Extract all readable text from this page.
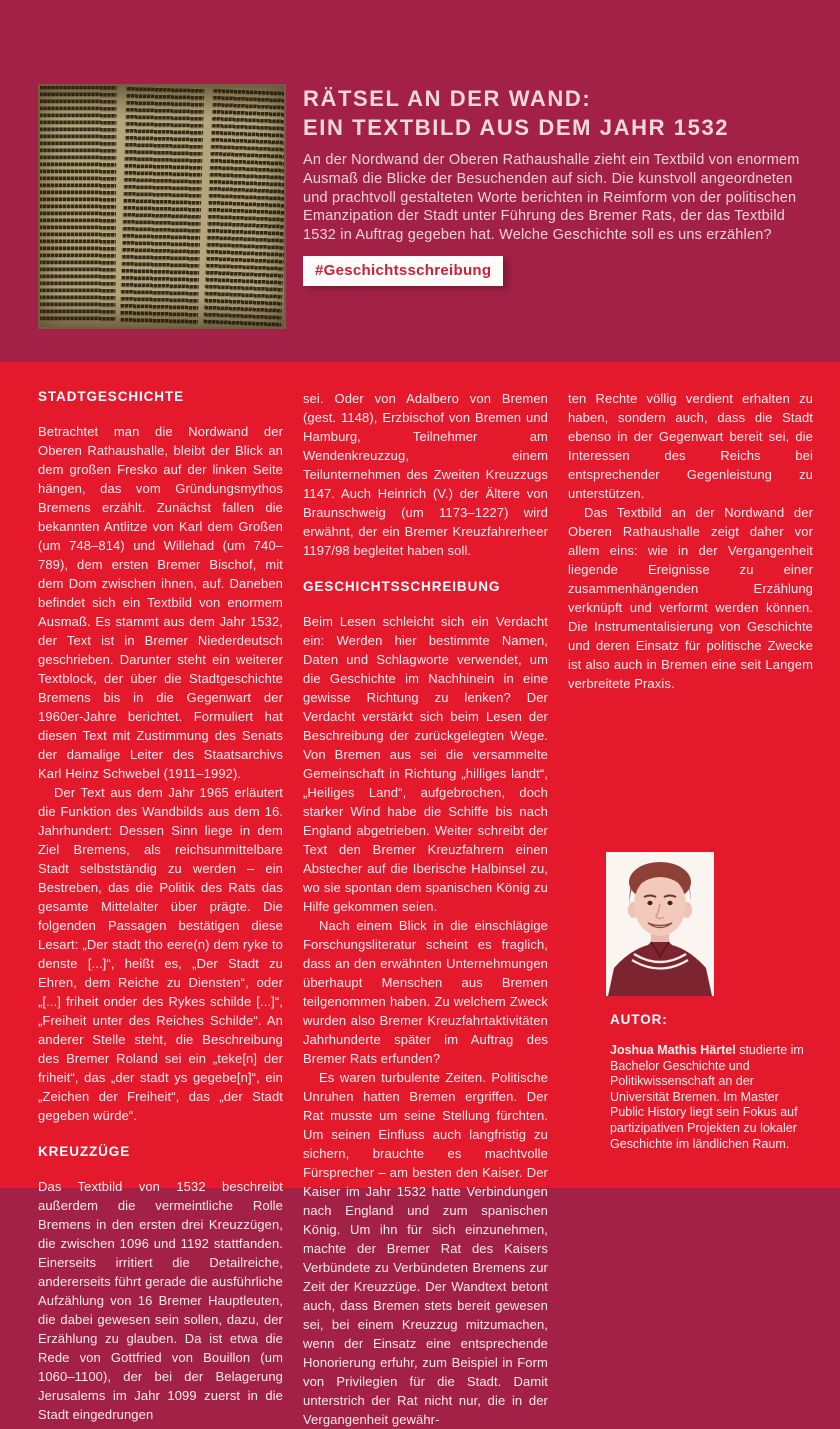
RÄTSEL AN DER WAND:
EIN TEXTBILD AUS DEM JAHR 1532

An der Nordwand der Oberen Rathaushalle zieht ein Textbild von enormem Ausmaß die Blicke der Besuchenden auf sich. Die kunstvoll angeordneten und prachtvoll gestalteten Worte berichten in Reimform von der politischen Emanzipation der Stadt unter Führung des Bremer Rats, der das Textbild 1532 in Auftrag gegeben hat. Welche Geschichte soll es uns erzählen?

#Geschichtsschreibung
STADTGESCHICHTE

Betrachtet man die Nordwand der Oberen Rathaushalle, bleibt der Blick an dem großen Fresko auf der linken Seite hängen, das vom Gründungsmythos Bremens erzählt. Zunächst fallen die bekannten Antlitze von Karl dem Großen (um 748–814) und Willehad (um 740–789), dem ersten Bremer Bischof, mit dem Dom zwischen ihnen, auf. Daneben befindet sich ein Textbild von enormem Ausmaß. Es stammt aus dem Jahr 1532, der Text ist in Bremer Niederdeutsch geschrieben. Darunter steht ein weiterer Textblock, der über die Stadtgeschichte Bremens bis in die Gegenwart der 1960er-Jahre berichtet. Formuliert hat diesen Text mit Zustimmung des Senats der damalige Leiter des Staatsarchivs Karl Heinz Schwebel (1911–1992).

Der Text aus dem Jahr 1965 erläutert die Funktion des Wandbilds aus dem 16. Jahrhundert: Dessen Sinn liege in dem Ziel Bremens, als reichsunmittelbare Stadt selbstständig zu werden – ein Bestreben, das die Politik des Rats das gesamte Mittelalter über prägte. Die folgenden Passagen bestätigen diese Lesart: „Der stadt tho eere(n) dem ryke to denste [...]“, heißt es, „Der Stadt zu Ehren, dem Reiche zu Diensten“, oder „[...] friheit onder des Rykes schilde [...]“, „Freiheit unter des Reiches Schilde“. An anderer Stelle steht, die Beschreibung des Bremer Roland sei ein „teke[n] der friheit“, das „der stadt ys gegebe[n]“, ein „Zeichen der Freiheit“, das „der Stadt gegeben würde“.

KREUZZÜGE

Das Textbild von 1532 beschreibt außerdem die vermeintliche Rolle Bremens in den ersten drei Kreuzzügen, die zwischen 1096 und 1192 stattfanden. Einerseits irritiert die Detailreiche, andererseits führt gerade die ausführliche Aufzählung von 16 Bremer Hauptleuten, die dabei gewesen sein sollen, dazu, der Erzählung zu glauben. Da ist etwa die Rede von Gottfried von Bouillon (um 1060–1100), der bei der Belagerung Jerusalems im Jahr 1099 zuerst in die Stadt eingedrungen

sei. Oder von Adalbero von Bremen (gest. 1148), Erzbischof von Bremen und Hamburg, Teilnehmer am Wendenkreuzzug, einem Teilunternehmen des Zweiten Kreuzzugs 1147. Auch Heinrich (V.) der Ältere von Braunschweig (um 1173–1227) wird erwähnt, der ein Bremer Kreuzfahrerheer 1197/98 begleitet haben soll.

GESCHICHTSSCHREIBUNG

Beim Lesen schleicht sich ein Verdacht ein: Werden hier bestimmte Namen, Daten und Schlagworte verwendet, um die Geschichte im Nachhinein in eine gewisse Richtung zu lenken? Der Verdacht verstärkt sich beim Lesen der Beschreibung der zurückgelegten Wege. Von Bremen aus sei die versammelte Gemeinschaft in Richtung „hilliges landt“, „Heiliges Land“, aufgebrochen, doch starker Wind habe die Schiffe bis nach England abgetrieben. Weiter schreibt der Text den Bremer Kreuzfahrern einen Abstecher auf die Iberische Halbinsel zu, wo sie spontan dem spanischen König zu Hilfe gekommen seien.

Nach einem Blick in die einschlägige Forschungsliteratur scheint es fraglich, dass an den erwähnten Unternehmungen überhaupt Menschen aus Bremen teilgenommen haben. Zu welchem Zweck wurden also Bremer Kreuzfahrtaktivitäten Jahrhunderte später im Auftrag des Bremer Rats erfunden?

Es waren turbulente Zeiten. Politische Unruhen hatten Bremen ergriffen. Der Rat musste um seine Stellung fürchten. Um seinen Einfluss auch langfristig zu sichern, brauchte es machtvolle Fürsprecher – am besten den Kaiser. Der Kaiser im Jahr 1532 hatte Verbindungen nach England und zum spanischen König. Um ihn für sich einzunehmen, machte der Bremer Rat des Kaisers Verbündete zu Verbündeten Bremens zur Zeit der Kreuzzüge. Der Wandtext betont auch, dass Bremen stets bereit gewesen sei, bei einem Kreuzzug mitzumachen, wenn der Einsatz eine entsprechende Honorierung erfuhr, zum Beispiel in Form von Privilegien für die Stadt. Damit unterstrich der Rat nicht nur, die in der Vergangenheit gewähr-

ten Rechte völlig verdient erhalten zu haben, sondern auch, dass die Stadt ebenso in der Gegenwart bereit sei, die Interessen des Reichs bei entsprechender Gegenleistung zu unterstützen.

Das Textbild an der Nordwand der Oberen Rathaushalle zeigt daher vor allem eins: wie in der Vergangenheit liegende Ereignisse zu einer zusammenhängenden Erzählung verknüpft und verformt werden können. Die Instrumentalisierung von Geschichte und deren Einsatz für politische Zwecke ist also auch in Bremen eine seit Langem verbreitete Praxis.

AUTOR:

Joshua Mathis Härtel studierte im Bachelor Geschichte und Politikwissenschaft an der Universität Bremen. Im Master Public History liegt sein Fokus auf partizipativen Projekten zu lokaler Geschichte im ländlichen Raum.
